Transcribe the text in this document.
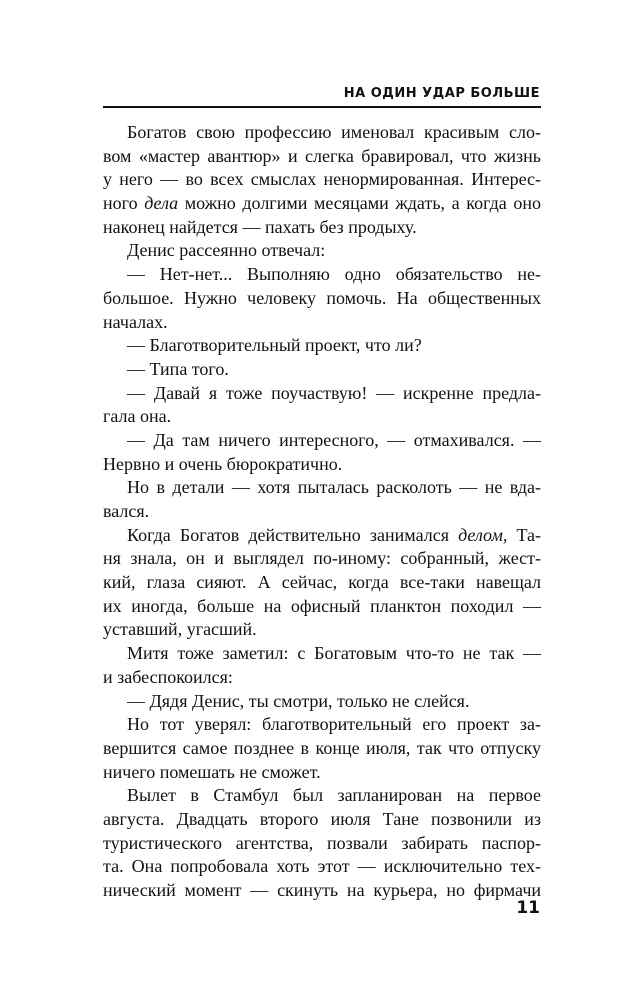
НА ОДИН УДАР БОЛЬШЕ
Богатов свою профессию именовал красивым сло-
вом «мастер авантюр» и слегка бравировал, что жизнь
у него — во всех смыслах ненормированная. Интерес-
ного дела можно долгими месяцами ждать, а когда оно
наконец найдется — пахать без продыху.
Денис рассеянно отвечал:
— Нет-нет... Выполняю одно обязательство не-
большое. Нужно человеку помочь. На общественных
началах.
— Благотворительный проект, что ли?
— Типа того.
— Давай я тоже поучаствую! — искренне предла-
гала она.
— Да там ничего интересного, — отмахивался. —
Нервно и очень бюрократично.
Но в детали — хотя пыталась расколоть — не вда-
вался.
Когда Богатов действительно занимался делом, Та-
ня знала, он и выглядел по-иному: собранный, жест-
кий, глаза сияют. А сейчас, когда все-таки навещал
их иногда, больше на офисный планктон походил —
уставший, угасший.
Митя тоже заметил: с Богатовым что-то не так —
и забеспокоился:
— Дядя Денис, ты смотри, только не слейся.
Но тот уверял: благотворительный его проект за-
вершится самое позднее в конце июля, так что отпуску
ничего помешать не сможет.
Вылет в Стамбул был запланирован на первое
августа. Двадцать второго июля Тане позвонили из
туристического агентства, позвали забирать паспор-
та. Она попробовала хоть этот — исключительно тех-
нический момент — скинуть на курьера, но фирмачи
11
